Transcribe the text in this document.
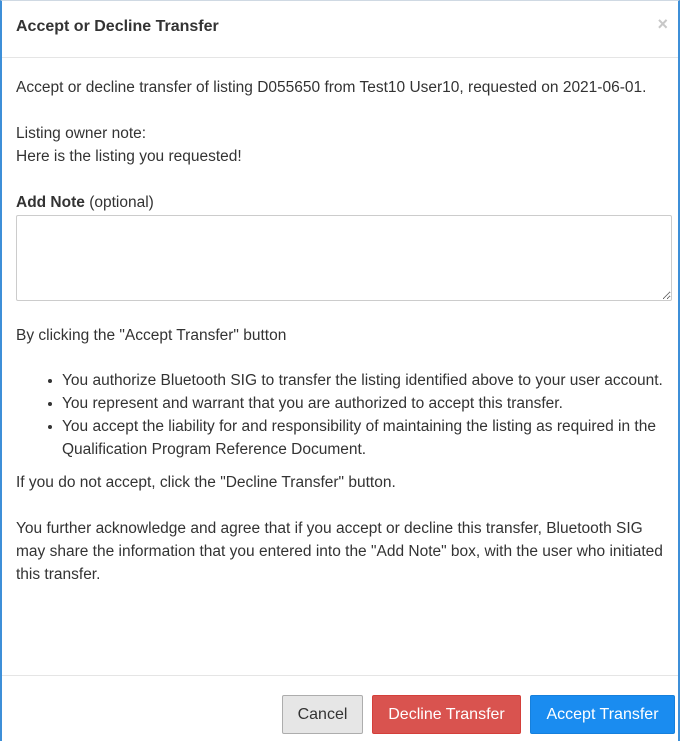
Accept or Decline Transfer	×

Accept or decline transfer of listing D055650 from Test10 User10, requested on 2021-06-01.

Listing owner note:

Here is the listing you requested!

Add Note (optional)

By clicking the "Accept Transfer" button

You authorize Bluetooth SIG to transfer the listing identified above to your user account.
You represent and warrant that you are authorized to accept this transfer.
You accept the liability for and responsibility of maintaining the listing as required in the Qualification Program Reference Document.

If you do not accept, click the "Decline Transfer" button.

You further acknowledge and agree that if you accept or decline this transfer, Bluetooth SIG may share the information that you entered into the "Add Note" box, with the user who initiated this transfer.

Cancel	Decline Transfer	Accept Transfer
